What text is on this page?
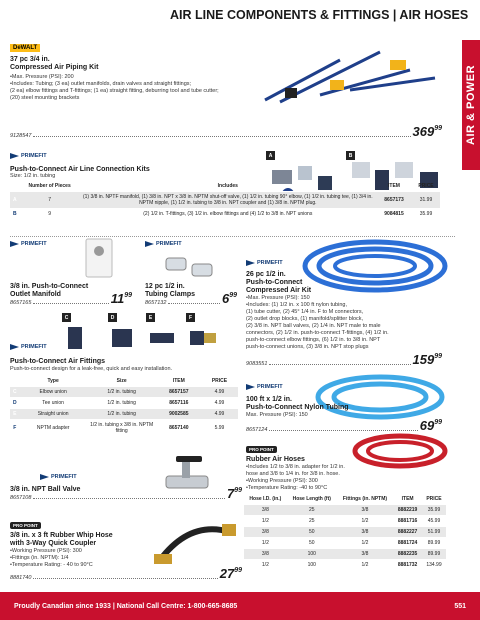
AIR LINE COMPONENTS & FITTINGS | AIR HOSES
AIR & POWER
DeWALT
37 pc 3/4 in.
Compressed Air Piping Kit
•Max. Pressure (PSI): 200
•Includes: Tubing; (3 ea) outlet manifolds, drain valves and straight fittings;
(2 ea) elbow fittings and T-fittings; (1 ea) straight fitting, deburring tool and tube cutter;
(20) steel mounting brackets
9128547	$369^{99}$
A	B
PRIMEFIT
Push-to-Connect Air Line Connection Kits
Size: 1/2 in. tubing
	Number of Pieces	Includes	ITEM	PRICE
A	7	(1) 3/8 in. NPTF manifold, (1) 3/8 in. NPT x 3/8 in. NPTM shut-off valve, (1) 1/2 in. tubing 90° elbow, (1) 1/2 in. tubing tee, (1) 3/4 in. NPTM nipple, (1) 1/2 in. tubing to 3/8 in. NPT coupler and (1) 3/8 in. NPTM plug.	8657173	31.99
B	9	(2) 1/2 in. T-fittings, (3) 1/2 in. elbow fittings and (4) 1/2 to 3/8 in. NPT unions	9084815	35.99
PRIMEFIT
3/8 in. Push-to-Connect
Outlet Manifold
8657165	$11^{99}$
PRIMEFIT
12 pc 1/2 in.
Tubing Clamps
8657132	$6^{99}$
C	D	E	F
PRIMEFIT
Push-to-Connect Air Fittings
Push-to-connect design for a leak-free, quick and easy installation.
	Type	Size	ITEM	PRICE
C	Elbow union	1/2 in. tubing	8657157	4.99
D	Tee union	1/2 in. tubing	8657116	4.99
E	Straight union	1/2 in. tubing	9002585	4.99
F	NPTM adapter	1/2 in. tubing x 3/8 in. NPTM fitting	8657140	5.99
PRIMEFIT
26 pc 1/2 in.
Push-to-Connect
Compressed Air Kit
•Max. Pressure (PSI): 150
•Includes: (1) 1/2 in. x 100 ft nylon tubing,
(1) tube cutter, (2) 45° 1/4 in. F to M connectors,
(2) outlet drop blocks, (1) manifold/splitter block,
(2) 3/8 in. NPT ball valves, (2) 1/4 in. NPT male to male
connectors, (2) 1/2 in. push-to-connect T-fittings, (4) 1/2 in.
push-to-connect elbow fittings, (6) 1/2 in. to 3/8 in. NPT
push-to-connect unions, (3) 3/8 in. NPT stop plugs
9083551	$159^{99}$
PRIMEFIT
100 ft x 1/2 in.
Push-to-Connect Nylon Tubing
Max. Pressure (PSI): 150
8657124	$69^{99}$
PRO POINT
Rubber Air Hoses
•Includes 1/2 to 3/8 in. adapter for 1/2 in.
hose and 3/8 to 1/4 in. for 3/8 in. hose.
•Working Pressure (PSI): 300
•Temperature Rating: -40 to 90°C
Hose I.D. (in.)	Hose Length (ft)	Fittings (in. NPTM)	ITEM	PRICE
3/8	25	3/8	8882219	35.99
1/2	25	1/2	8881716	45.99
3/8	50	3/8	8882227	51.99
1/2	50	1/2	8881724	89.99
3/8	100	3/8	8882235	89.99
1/2	100	1/2	8881732	134.99
PRIMEFIT
3/8 in. NPT Ball Valve
8657108	$7^{99}$
PRO POINT
3/8 in. x 3 ft Rubber Whip Hose
with 3-Way Quick Coupler
•Working Pressure (PSI): 300
•Fittings (in. NPTM): 1/4
•Temperature Rating: - 40 to 90°C
8881740	$27^{99}$
Proudly Canadian since 1933 | National Call Centre: 1-800-665-8685	551
